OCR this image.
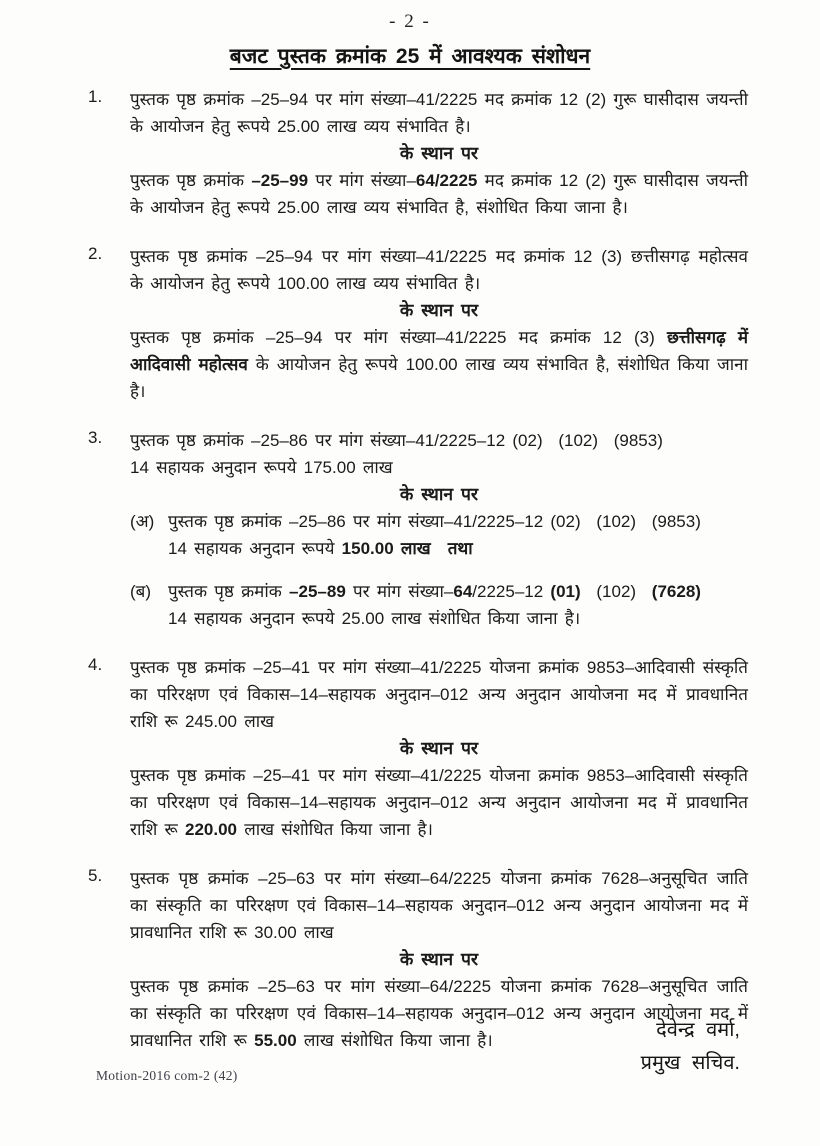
- 2 -
बजट पुस्तक क्रमांक 25 में आवश्यक संशोधन
1.	पुस्तक पृष्ठ क्रमांक –25–94 पर मांग संख्या–41/2225 मद क्रमांक 12 (2) गुरू घासीदास जयन्ती के आयोजन हेतु रूपये 25.00 लाख व्यय संभावित है।

के स्थान पर

पुस्तक पृष्ठ क्रमांक –25–99 पर मांग संख्या–64/2225 मद क्रमांक 12 (2) गुरू घासीदास जयन्ती के आयोजन हेतु रूपये 25.00 लाख व्यय संभावित है, संशोधित किया जाना है।

2.	पुस्तक पृष्ठ क्रमांक –25–94 पर मांग संख्या–41/2225 मद क्रमांक 12 (3) छत्तीसगढ़ महोत्सव के आयोजन हेतु रूपये 100.00 लाख व्यय संभावित है।

के स्थान पर

पुस्तक पृष्ठ क्रमांक –25–94 पर मांग संख्या–41/2225 मद क्रमांक 12 (3) छत्तीसगढ़ में आदिवासी महोत्सव के आयोजन हेतु रूपये 100.00 लाख व्यय संभावित है, संशोधित किया जाना है।

3.	पुस्तक पृष्ठ क्रमांक –25–86 पर मांग संख्या–41/2225–12 (02)  (102)  (9853)
14 सहायक अनुदान रूपये 175.00 लाख

के स्थान पर

(अ) पुस्तक पृष्ठ क्रमांक –25–86 पर मांग संख्या–41/2225–12 (02)  (102)  (9853)
14 सहायक अनुदान रूपये 150.00 लाख  तथा

(ब) पुस्तक पृष्ठ क्रमांक –25–89 पर मांग संख्या–64/2225–12 (01)  (102)  (7628)
14 सहायक अनुदान रूपये 25.00 लाख संशोधित किया जाना है।

4.	पुस्तक पृष्ठ क्रमांक –25–41 पर मांग संख्या–41/2225 योजना क्रमांक 9853–आदिवासी संस्कृति का परिरक्षण एवं विकास–14–सहायक अनुदान–012 अन्य अनुदान आयोजना मद में प्रावधानित राशि रू 245.00 लाख

के स्थान पर

पुस्तक पृष्ठ क्रमांक –25–41 पर मांग संख्या–41/2225 योजना क्रमांक 9853–आदिवासी संस्कृति का परिरक्षण एवं विकास–14–सहायक अनुदान–012 अन्य अनुदान आयोजना मद में प्रावधानित राशि रू 220.00 लाख संशोधित किया जाना है।

5.	पुस्तक पृष्ठ क्रमांक –25–63 पर मांग संख्या–64/2225 योजना क्रमांक 7628–अनुसूचित जाति का संस्कृति का परिरक्षण एवं विकास–14–सहायक अनुदान–012 अन्य अनुदान आयोजना मद में प्रावधानित राशि रू 30.00 लाख

के स्थान पर

पुस्तक पृष्ठ क्रमांक –25–63 पर मांग संख्या–64/2225 योजना क्रमांक 7628–अनुसूचित जाति का संस्कृति का परिरक्षण एवं विकास–14–सहायक अनुदान–012 अन्य अनुदान आयोजना मद में प्रावधानित राशि रू 55.00 लाख संशोधित किया जाना है।	देवेन्द्र वर्मा,
प्रमुख सचिव.
Motion-2016 com-2 (42)
